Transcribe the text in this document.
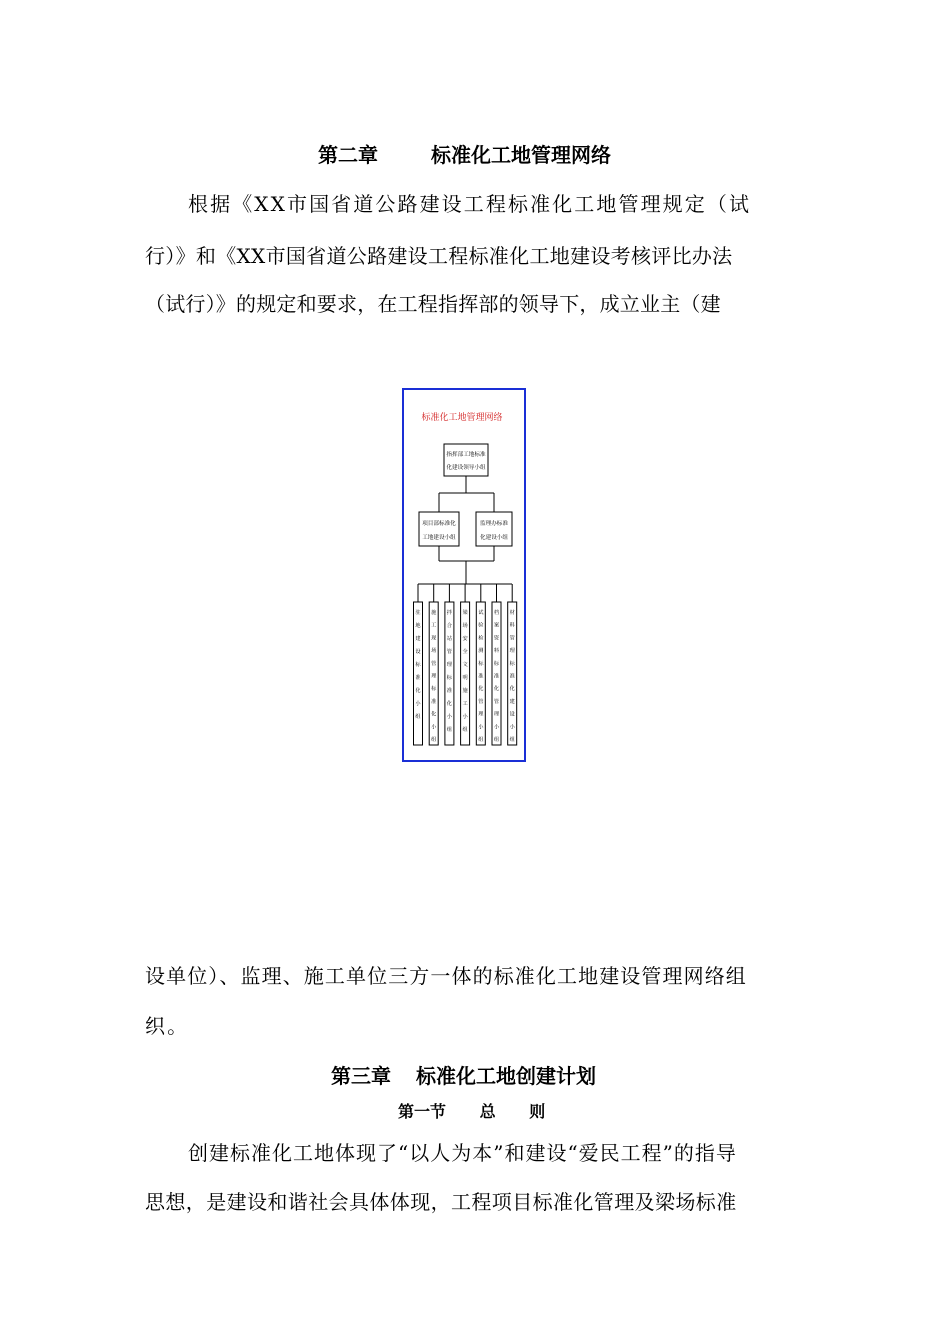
第二章	标准化工地管理网络
根据《XX市国省道公路建设工程标准化工地管理规定（试
行）》和《XX市国省道公路建设工程标准化工地建设考核评比办法
（试行）》的规定和要求，在工程指挥部的领导下，成立业主（建
标准化工地管理网络
指挥部工地标准
化建设领导小组
项目部标准化
工地建设小组
监理办标准
化建设小组
驻地建设标准化小组
施工现场管理标准化小组
拌合站管理标准化小组
梁场安全文明施工小组
试验检测标准化管理小组
档案资料标准化管理小组
材料管理标准化建设小组
设单位）、监理、施工单位三方一体的标准化工地建设管理网络组
织。
第三章 标准化工地创建计划
第一节 总 则
创建标准化工地体现了“以人为本”和建设“爱民工程”的指导
思想，是建设和谐社会具体体现，工程项目标准化管理及梁场标准
